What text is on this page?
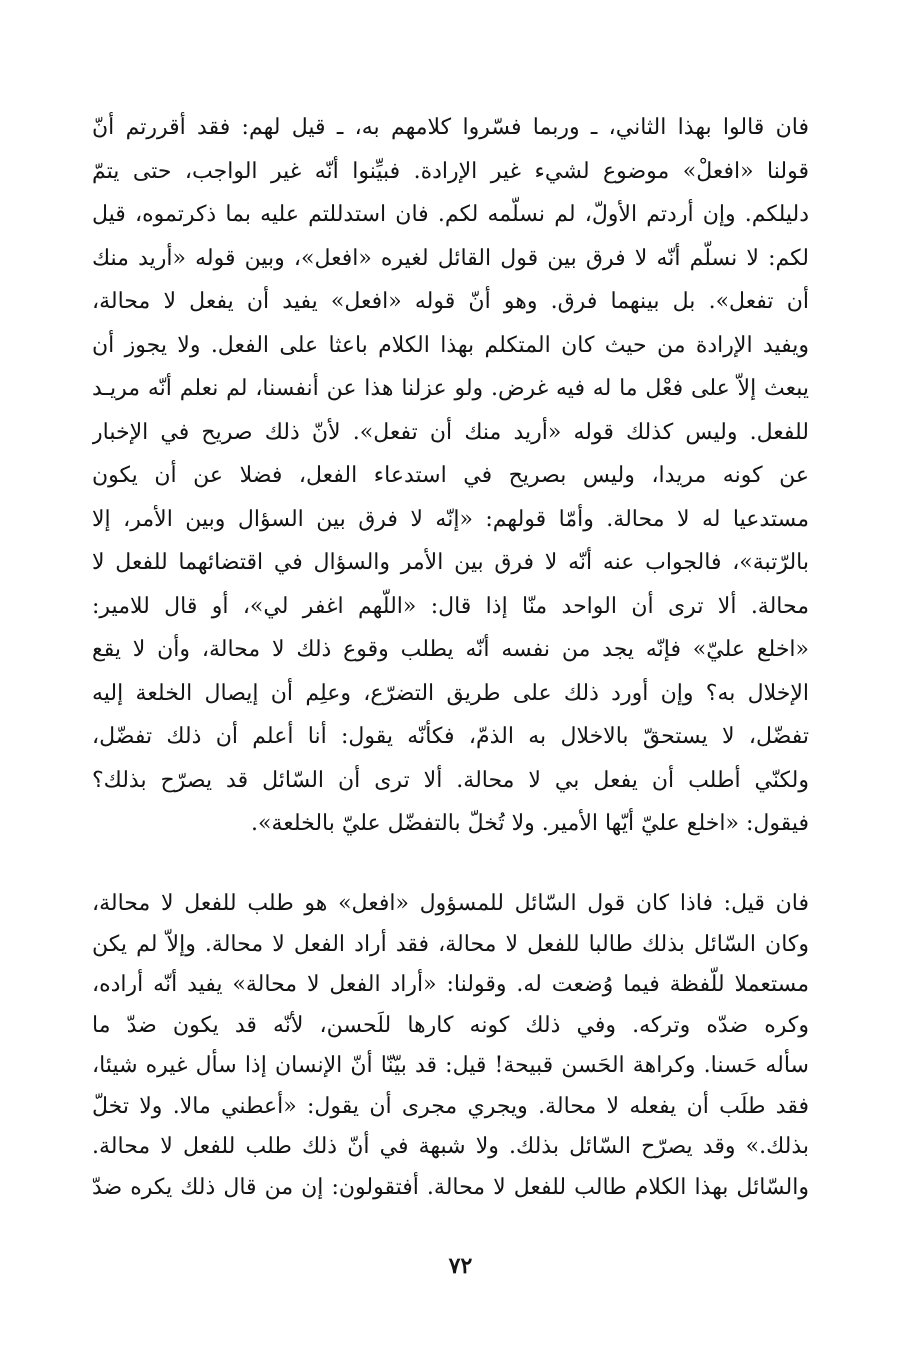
فان قالوا بهذا الثاني، ـ وربما فسّروا كلامهم به، ـ قيل لهم: فقد أقررتم أنّ
قولنا «افعلْ» موضوع لشيء غير الإرادة. فبيِّنوا أنّه غير الواجب، حتى يتمّ
دليلكم. وإن أردتم الأولّ، لم نسلّمه لكم. فان استدللتم عليه بما ذكرتموه، قيل
لكم: لا نسلّم أنّه لا فرق بين قول القائل لغيره «افعل»، وبين قوله «أريد منك
أن تفعل». بل بينهما فرق. وهو أنّ قوله «افعل» يفيد أن يفعل لا محالة،
ويفيد الإرادة من حيث كان المتكلم بهذا الكلام باعثا على الفعل. ولا يجوز أن
يبعث إلاّ على فعْل ما له فيه غرض. ولو عزلنا هذا عن أنفسنا، لم نعلم أنّه مريـد
للفعل. وليس كذلك قوله «أريد منك أن تفعل». لأنّ ذلك صريح في الإخبار
عن كونه مريدا، وليس بصريح في استدعاء الفعل، فضلا عن أن يكون
مستدعيا له لا محالة. وأمّا قولهم: «إنّه لا فرق بين السؤال وبين الأمر، إلا
بالرّتبة»، فالجواب عنه أنّه لا فرق بين الأمر والسؤال في اقتضائهما للفعل لا
محالة. ألا ترى أن الواحد منّا إذا قال: «اللّهم اغفر لي»، أو قال للامير:
«اخلع عليّ» فإنّه يجد من نفسه أنّه يطلب وقوع ذلك لا محالة، وأن لا يقع
الإخلال به؟ وإن أورد ذلك على طريق التضرّع، وعلِم أن إيصال الخلعة إليه
تفضّل، لا يستحقّ بالاخلال به الذمّ، فكأنّه يقول: أنا أعلم أن ذلك تفضّل،
ولكنّي أطلب أن يفعل بي لا محالة. ألا ترى أن السّائل قد يصرّح بذلك؟
فيقول: «اخلع عليّ أيّها الأمير. ولا تُخلّ بالتفضّل عليّ بالخلعة».
فان قيل: فاذا كان قول السّائل للمسؤول «افعل» هو طلب للفعل لا محالة،
وكان السّائل بذلك طالبا للفعل لا محالة، فقد أراد الفعل لا محالة. وإلاّ لم يكن
مستعملا للّفظة فيما وُضعت له. وقولنا: «أراد الفعل لا محالة» يفيد أنّه أراده،
وكره ضدّه وتركه. وفي ذلك كونه كارها للَحسن، لأنّه قد يكون ضدّ ما
سأله حَسنا. وكراهة الحَسن قبيحة! قيل: قد بيّنّا أنّ الإنسان إذا سأل غيره شيئا،
فقد طلَب أن يفعله لا محالة. ويجري مجرى أن يقول: «أعطني مالا. ولا تخلّ
بذلك.» وقد يصرّح السّائل بذلك. ولا شبهة في أنّ ذلك طلب للفعل لا محالة.
والسّائل بهذا الكلام طالب للفعل لا محالة. أفتقولون: إن من قال ذلك يكره ضدّ
٧٢
